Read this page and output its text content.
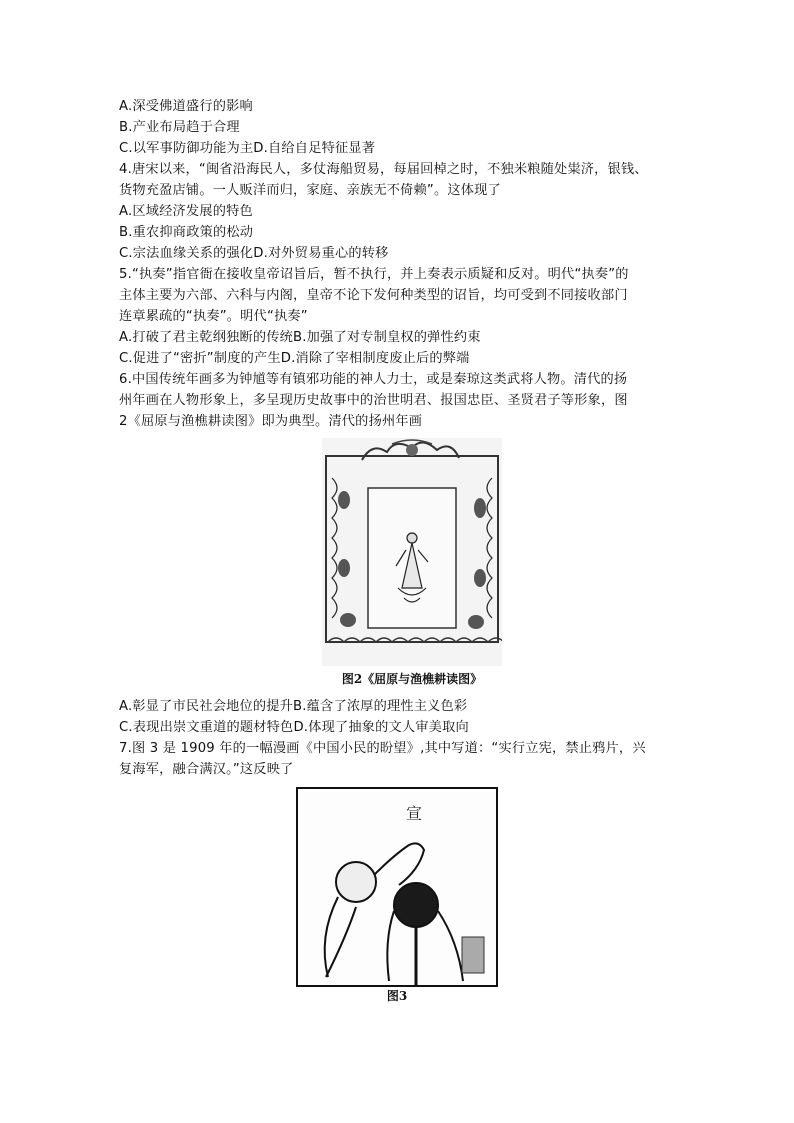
A.深受佛道盛行的影响
B.产业布局趋于合理
C.以军事防御功能为主D.自给自足特征显著
4.唐宋以来，“闽省沿海民人，多仗海船贸易，每届回棹之时，不独米粮随处粜济，银钱、
货物充盈店铺。一人贩洋而归，家庭、亲族无不倚赖”。这体现了
A.区域经济发展的特色
B.重农抑商政策的松动
C.宗法血缘关系的强化D.对外贸易重心的转移
5.“执奏”指官衙在接收皇帝诏旨后，暂不执行，并上奏表示质疑和反对。明代“执奏”的
主体主要为六部、六科与内阁，皇帝不论下发何种类型的诏旨，均可受到不同接收部门
连章累疏的“执奏”。明代“执奏”
A.打破了君主乾纲独断的传统B.加强了对专制皇权的弹性约束
C.促进了“密折”制度的产生D.消除了宰相制度废止后的弊端
6.中国传统年画多为钟馗等有镇邪功能的神人力士，或是秦琼这类武将人物。清代的扬
州年画在人物形象上，多呈现历史故事中的治世明君、报国忠臣、圣贤君子等形象，图
2《屈原与渔樵耕读图》即为典型。清代的扬州年画
图2《屈原与渔樵耕读图》
A.彰显了市民社会地位的提升B.蕴含了浓厚的理性主义色彩
C.表现出崇文重道的题材特色D.体现了抽象的文人审美取向
7.图 3 是 1909 年的一幅漫画《中国小民的盼望》,其中写道：“实行立宪，禁止鸦片，兴
复海军，融合满汉。”这反映了
宣
图3
